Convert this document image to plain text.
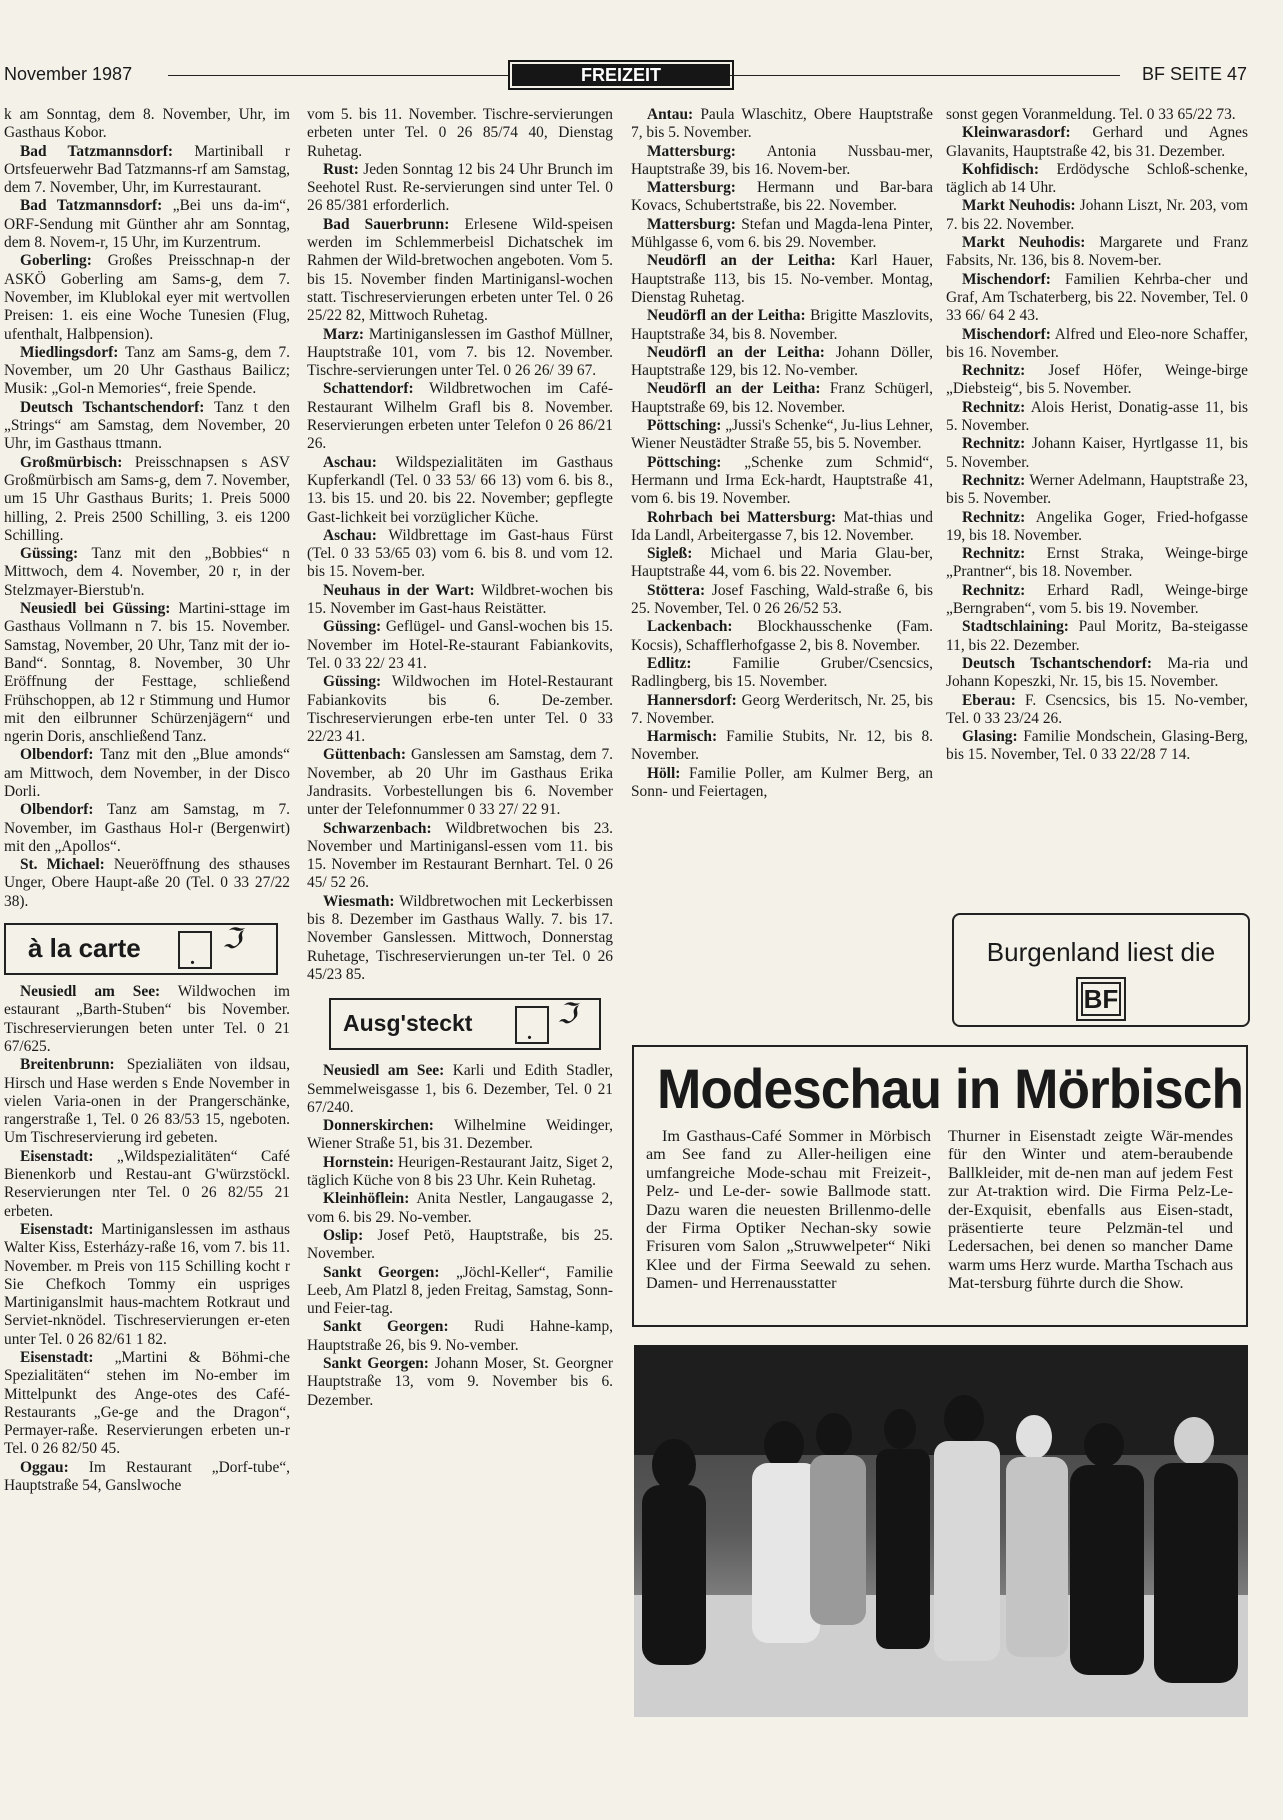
November 1987	FREIZEIT	BF SEITE 47

k am Sonntag, dem 8. November, Uhr, im Gasthaus Kobor.

Bad Tatzmannsdorf: Martiniball r Ortsfeuerwehr Bad Tatzmanns-rf am Samstag, dem 7. November, Uhr, im Kurrestaurant.

Bad Tatzmannsdorf: „Bei uns da-im“, ORF-Sendung mit Günther ahr am Sonntag, dem 8. Novem-r, 15 Uhr, im Kurzentrum.

Goberling: Großes Preisschnap-n der ASKÖ Goberling am Sams-g, dem 7. November, im Klublokal eyer mit wertvollen Preisen: 1. eis eine Woche Tunesien (Flug, ufenthalt, Halbpension).

Miedlingsdorf: Tanz am Sams-g, dem 7. November, um 20 Uhr Gasthaus Bailicz; Musik: „Gol-n Memories“, freie Spende.

Deutsch Tschantschendorf: Tanz t den „Strings“ am Samstag, dem November, 20 Uhr, im Gasthaus ttmann.

Großmürbisch: Preisschnapsen s ASV Großmürbisch am Sams-g, dem 7. November, um 15 Uhr Gasthaus Burits; 1. Preis 5000 hilling, 2. Preis 2500 Schilling, 3. eis 1200 Schilling.

Güssing: Tanz mit den „Bobbies“ n Mittwoch, dem 4. November, 20 r, in der Stelzmayer-Bierstub'n.

Neusiedl bei Güssing: Martini-sttage im Gasthaus Vollmann n 7. bis 15. November. Samstag, November, 20 Uhr, Tanz mit der io-Band“. Sonntag, 8. November, 30 Uhr Eröffnung der Festtage, schließend Frühschoppen, ab 12 r Stimmung und Humor mit den eilbrunner Schürzenjägern“ und ngerin Doris, anschließend Tanz.

Olbendorf: Tanz mit den „Blue amonds“ am Mittwoch, dem November, in der Disco Dorli.

Olbendorf: Tanz am Samstag, m 7. November, im Gasthaus Hol-r (Bergenwirt) mit den „Apollos“.

St. Michael: Neueröffnung des sthauses Unger, Obere Haupt-aße 20 (Tel. 0 33 27/22 38).

à la carte .
ℑ

Neusiedl am See: Wildwochen im estaurant „Barth-Stuben“ bis November. Tischreservierungen beten unter Tel. 0 21 67/625.

Breitenbrunn: Spezialiäten von ildsau, Hirsch und Hase werden s Ende November in vielen Varia-onen in der Prangerschänke, rangerstraße 1, Tel. 0 26 83/53 15, ngeboten. Um Tischreservierung ird gebeten.

Eisenstadt: „Wildspezialitäten“ Café Bienenkorb und Restau-ant G'würzstöckl. Reservierungen nter Tel. 0 26 82/55 21 erbeten.

Eisenstadt: Martiniganslessen im asthaus Walter Kiss, Esterházy-raße 16, vom 7. bis 11. November. m Preis von 115 Schilling kocht r Sie Chefkoch Tommy ein uspriges Martiniganslmit haus-machtem Rotkraut und Serviet-nknödel. Tischreservierungen er-eten unter Tel. 0 26 82/61 1 82.

Eisenstadt: „Martini & Böhmi-che Spezialitäten“ stehen im No-ember im Mittelpunkt des Ange-otes des Café-Restaurants „Ge-ge and the Dragon“, Permayer-raße. Reservierungen erbeten un-r Tel. 0 26 82/50 45.

Oggau: Im Restaurant „Dorf-tube“, Hauptstraße 54, Ganslwoche

vom 5. bis 11. November. Tischre-servierungen erbeten unter Tel. 0 26 85/74 40, Dienstag Ruhetag.

Rust: Jeden Sonntag 12 bis 24 Uhr Brunch im Seehotel Rust. Re-servierungen sind unter Tel. 0 26 85/381 erforderlich.

Bad Sauerbrunn: Erlesene Wild-speisen werden im Schlemmerbeisl Dichatschek im Rahmen der Wild-bretwochen angeboten. Vom 5. bis 15. November finden Martinigansl-wochen statt. Tischreservierungen erbeten unter Tel. 0 26 25/22 82, Mittwoch Ruhetag.

Marz: Martiniganslessen im Gasthof Müllner, Hauptstraße 101, vom 7. bis 12. November. Tischre-servierungen unter Tel. 0 26 26/ 39 67.

Schattendorf: Wildbretwochen im Café-Restaurant Wilhelm Grafl bis 8. November. Reservierungen erbeten unter Telefon 0 26 86/21 26.

Aschau: Wildspezialitäten im Gasthaus Kupferkandl (Tel. 0 33 53/ 66 13) vom 6. bis 8., 13. bis 15. und 20. bis 22. November; gepflegte Gast-lichkeit bei vorzüglicher Küche.

Aschau: Wildbrettage im Gast-haus Fürst (Tel. 0 33 53/65 03) vom 6. bis 8. und vom 12. bis 15. Novem-ber.

Neuhaus in der Wart: Wildbret-wochen bis 15. November im Gast-haus Reistätter.

Güssing: Geflügel- und Gansl-wochen bis 15. November im Hotel-Re-staurant Fabiankovits, Tel. 0 33 22/ 23 41.

Güssing: Wildwochen im Hotel-Restaurant Fabiankovits bis 6. De-zember. Tischreservierungen erbe-ten unter Tel. 0 33 22/23 41.

Güttenbach: Ganslessen am Samstag, dem 7. November, ab 20 Uhr im Gasthaus Erika Jandrasits. Vorbestellungen bis 6. November unter der Telefonnummer 0 33 27/ 22 91.

Schwarzenbach: Wildbretwochen bis 23. November und Martinigansl-essen vom 11. bis 15. November im Restaurant Bernhart. Tel. 0 26 45/ 52 26.

Wiesmath: Wildbretwochen mit Leckerbissen bis 8. Dezember im Gasthaus Wally. 7. bis 17. November Ganslessen. Mittwoch, Donnerstag Ruhetage, Tischreservierungen un-ter Tel. 0 26 45/23 85.

Ausg'steckt	.
ℑ

Neusiedl am See: Karli und Edith Stadler, Semmelweisgasse 1, bis 6. Dezember, Tel. 0 21 67/240.

Donnerskirchen: Wilhelmine Weidinger, Wiener Straße 51, bis 31. Dezember.

Hornstein: Heurigen-Restaurant Jaitz, Siget 2, täglich Küche von 8 bis 23 Uhr. Kein Ruhetag.

Kleinhöflein: Anita Nestler, Langaugasse 2, vom 6. bis 29. No-vember.

Oslip: Josef Petö, Hauptstraße, bis 25. November.

Sankt Georgen: „Jöchl-Keller“, Familie Leeb, Am Platzl 8, jeden Freitag, Samstag, Sonn- und Feier-tag.

Sankt Georgen: Rudi Hahne-kamp, Hauptstraße 26, bis 9. No-vember.

Sankt Georgen: Johann Moser, St. Georgner Hauptstraße 13, vom 9. November bis 6. Dezember.

Antau: Paula Wlaschitz, Obere Hauptstraße 7, bis 5. November.

Mattersburg: Antonia Nussbau-mer, Hauptstraße 39, bis 16. Novem-ber.

Mattersburg: Hermann und Bar-bara Kovacs, Schubertstraße, bis 22. November.

Mattersburg: Stefan und Magda-lena Pinter, Mühlgasse 6, vom 6. bis 29. November.

Neudörfl an der Leitha: Karl Hauer, Hauptstraße 113, bis 15. No-vember. Montag, Dienstag Ruhetag.

Neudörfl an der Leitha: Brigitte Maszlovits, Hauptstraße 34, bis 8. November.

Neudörfl an der Leitha: Johann Döller, Hauptstraße 129, bis 12. No-vember.

Neudörfl an der Leitha: Franz Schügerl, Hauptstraße 69, bis 12. November.

Pöttsching: „Jussi's Schenke“, Ju-lius Lehner, Wiener Neustädter Straße 55, bis 5. November.

Pöttsching: „Schenke zum Schmid“, Hermann und Irma Eck-hardt, Hauptstraße 41, vom 6. bis 19. November.

Rohrbach bei Mattersburg: Mat-thias und Ida Landl, Arbeitergasse 7, bis 12. November.

Sigleß: Michael und Maria Glau-ber, Hauptstraße 44, vom 6. bis 22. November.

Stöttera: Josef Fasching, Wald-straße 6, bis 25. November, Tel. 0 26 26/52 53.

Lackenbach: Blockhausschenke (Fam. Kocsis), Schafflerhofgasse 2, bis 8. November.

Edlitz: Familie Gruber/Csencsics, Radlingberg, bis 15. November.

Hannersdorf: Georg Werderitsch, Nr. 25, bis 7. November.

Harmisch: Familie Stubits, Nr. 12, bis 8. November.

Höll: Familie Poller, am Kulmer Berg, an Sonn- und Feiertagen,

sonst gegen Voranmeldung. Tel. 0 33 65/22 73.

Kleinwarasdorf: Gerhard und Agnes Glavanits, Hauptstraße 42, bis 31. Dezember.

Kohfidisch: Erdödysche Schloß-schenke, täglich ab 14 Uhr.

Markt Neuhodis: Johann Liszt, Nr. 203, vom 7. bis 22. November.

Markt Neuhodis: Margarete und Franz Fabsits, Nr. 136, bis 8. Novem-ber.

Mischendorf: Familien Kehrba-cher und Graf, Am Tschaterberg, bis 22. November, Tel. 0 33 66/ 64 2 43.

Mischendorf: Alfred und Eleo-nore Schaffer, bis 16. November.

Rechnitz: Josef Höfer, Weinge-birge „Diebsteig“, bis 5. November.

Rechnitz: Alois Herist, Donatig-asse 11, bis 5. November.

Rechnitz: Johann Kaiser, Hyrtlgasse 11, bis 5. November.

Rechnitz: Werner Adelmann, Hauptstraße 23, bis 5. November.

Rechnitz: Angelika Goger, Fried-hofgasse 19, bis 18. November.

Rechnitz: Ernst Straka, Weinge-birge „Prantner“, bis 18. November.

Rechnitz: Erhard Radl, Weinge-birge „Berngraben“, vom 5. bis 19. November.

Stadtschlaining: Paul Moritz, Ba-steigasse 11, bis 22. Dezember.

Deutsch Tschantschendorf: Ma-ria und Johann Kopeszki, Nr. 15, bis 15. November.

Eberau: F. Csencsics, bis 15. No-vember, Tel. 0 33 23/24 26.

Glasing: Familie Mondschein, Glasing-Berg, bis 15. November, Tel. 0 33 22/28 7 14.

Burgenland liest die
BF
Modeschau in Mörbisch

Im Gasthaus-Café Sommer in Mörbisch am See fand zu Aller-heiligen eine umfangreiche Mode-schau mit Freizeit-, Pelz- und Le-der- sowie Ballmode statt. Dazu waren die neuesten Brillenmo-delle der Firma Optiker Nechan-sky sowie Frisuren vom Salon „Struwwelpeter“ Niki Klee und der Firma Seewald zu sehen. Damen- und Herrenausstatter

Thurner in Eisenstadt zeigte Wär-mendes für den Winter und atem-beraubende Ballkleider, mit de-nen man auf jedem Fest zur At-traktion wird. Die Firma Pelz-Le-der-Exquisit, ebenfalls aus Eisen-stadt, präsentierte teure Pelzmän-tel und Ledersachen, bei denen so mancher Dame warm ums Herz wurde. Martha Tschach aus Mat-tersburg führte durch die Show.
